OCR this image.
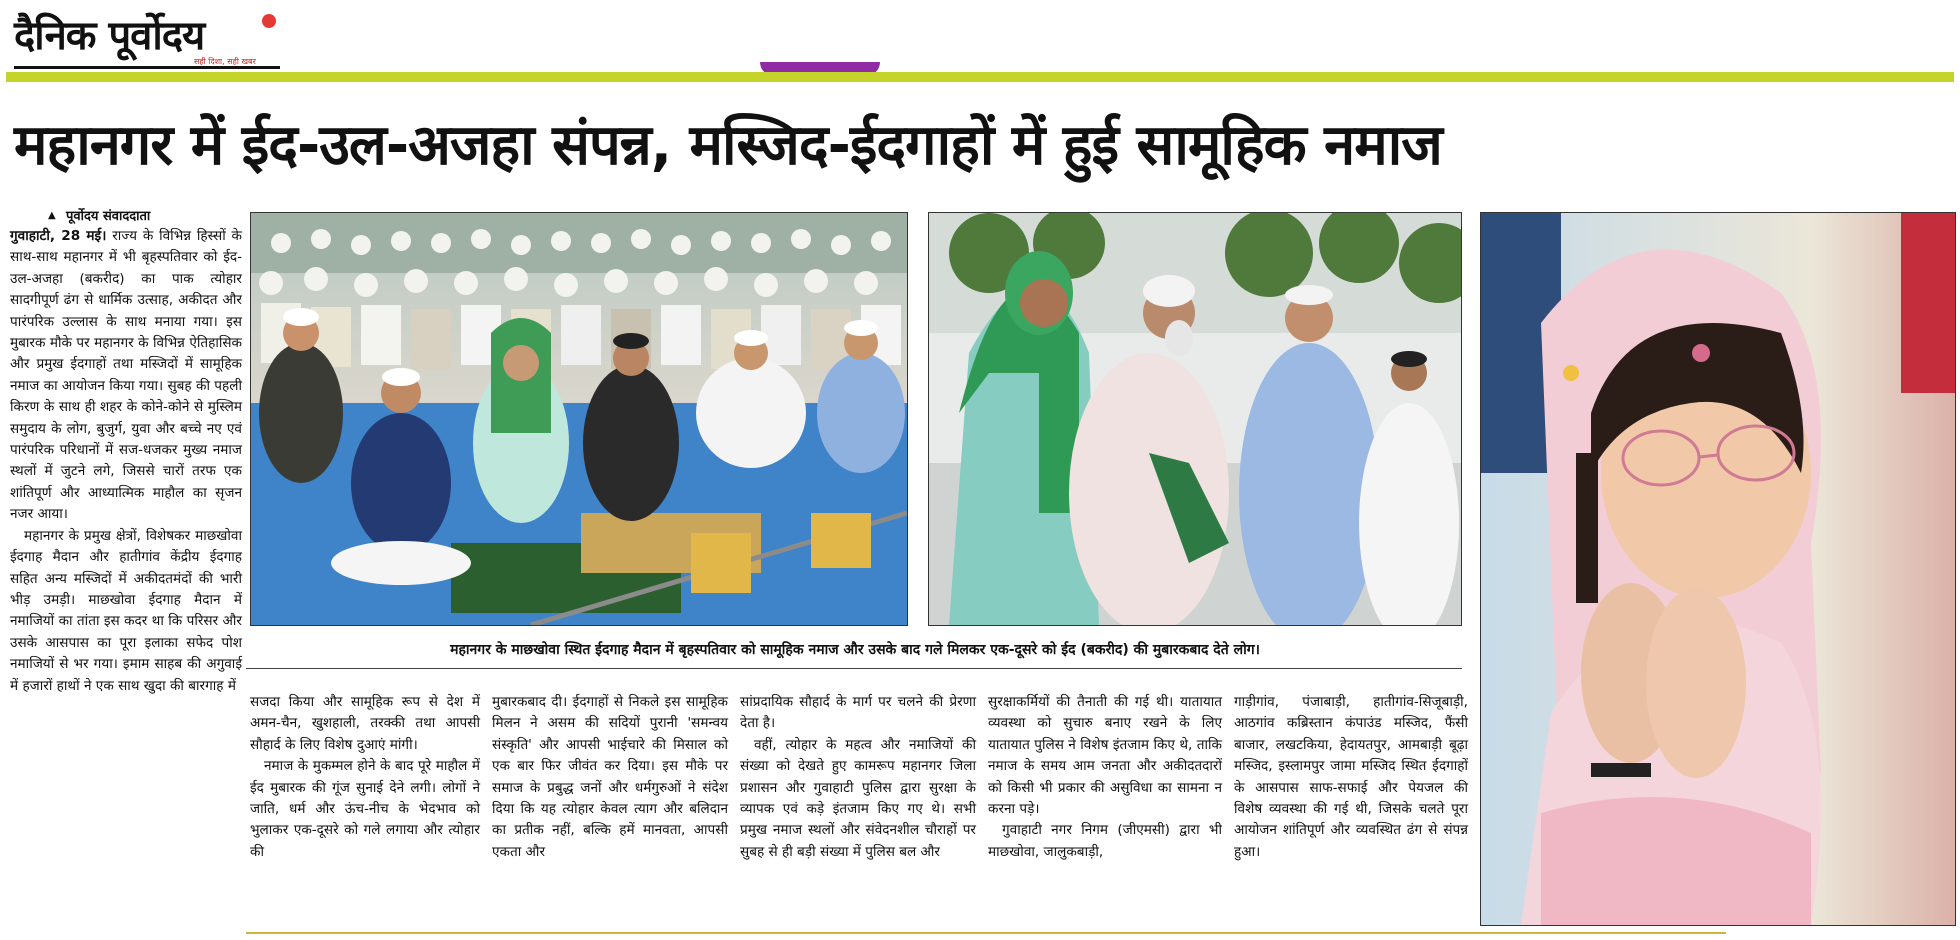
दैनिक पूर्वोदय
सही दिशा, सही खबर
महानगर में ईद-उल-अजहा संपन्न, मस्जिद-ईदगाहों में हुई सामूहिक नमाज
▲ पूर्वोदय संवाददाता

गुवाहाटी, 28 मई। राज्य के विभिन्न हिस्सों के साथ-साथ महानगर में भी बृहस्पतिवार को ईद-उल-अजहा (बकरीद) का पाक त्योहार सादगीपूर्ण ढंग से धार्मिक उत्साह, अकीदत और पारंपरिक उल्लास के साथ मनाया गया। इस मुबारक मौके पर महानगर के विभिन्न ऐतिहासिक और प्रमुख ईदगाहों तथा मस्जिदों में सामूहिक नमाज का आयोजन किया गया। सुबह की पहली किरण के साथ ही शहर के कोने-कोने से मुस्लिम समुदाय के लोग, बुजुर्ग, युवा और बच्चे नए एवं पारंपरिक परिधानों में सज-धजकर मुख्य नमाज स्थलों में जुटने लगे, जिससे चारों तरफ एक शांतिपूर्ण और आध्यात्मिक माहौल का सृजन नजर आया।

महानगर के प्रमुख क्षेत्रों, विशेषकर माछखोवा ईदगाह मैदान और हातीगांव केंद्रीय ईदगाह सहित अन्य मस्जिदों में अकीदतमंदों की भारी भीड़ उमड़ी। माछखोवा ईदगाह मैदान में नमाजियों का तांता इस कदर था कि परिसर और उसके आसपास का पूरा इलाका सफेद पोश नमाजियों से भर गया। इमाम साहब की अगुवाई में हजारों हाथों ने एक साथ खुदा की बारगाह में

महानगर के माछखोवा स्थित ईदगाह मैदान में बृहस्पतिवार को सामूहिक नमाज और उसके बाद गले मिलकर एक-दूसरे को ईद (बकरीद) की मुबारकबाद देते लोग।

सजदा किया और सामूहिक रूप से देश में अमन-चैन, खुशहाली, तरक्की तथा आपसी सौहार्द के लिए विशेष दुआएं मांगी।

नमाज के मुकम्मल होने के बाद पूरे माहौल में ईद मुबारक की गूंज सुनाई देने लगी। लोगों ने जाति, धर्म और ऊंच-नीच के भेदभाव को भुलाकर एक-दूसरे को गले लगाया और त्योहार की

मुबारकबाद दी। ईदगाहों से निकले इस सामूहिक मिलन ने असम की सदियों पुरानी 'समन्वय संस्कृति' और आपसी भाईचारे की मिसाल को एक बार फिर जीवंत कर दिया। इस मौके पर समाज के प्रबुद्ध जनों और धर्मगुरुओं ने संदेश दिया कि यह त्योहार केवल त्याग और बलिदान का प्रतीक नहीं, बल्कि हमें मानवता, आपसी एकता और

सांप्रदायिक सौहार्द के मार्ग पर चलने की प्रेरणा देता है।

वहीं, त्योहार के महत्व और नमाजियों की संख्या को देखते हुए कामरूप महानगर जिला प्रशासन और गुवाहाटी पुलिस द्वारा सुरक्षा के व्यापक एवं कड़े इंतजाम किए गए थे। सभी प्रमुख नमाज स्थलों और संवेदनशील चौराहों पर सुबह से ही बड़ी संख्या में पुलिस बल और

सुरक्षाकर्मियों की तैनाती की गई थी। यातायात व्यवस्था को सुचारु बनाए रखने के लिए यातायात पुलिस ने विशेष इंतजाम किए थे, ताकि नमाज के समय आम जनता और अकीदतदारों को किसी भी प्रकार की असुविधा का सामना न करना पड़े।

गुवाहाटी नगर निगम (जीएमसी) द्वारा भी माछखोवा, जालुकबाड़ी,

गाड़ीगांव, पंजाबाड़ी, हातीगांव-सिजूबाड़ी, आठगांव कब्रिस्तान कंपाउंड मस्जिद, फैंसी बाजार, लखटकिया, हेदायतपुर, आमबाड़ी बूढ़ा मस्जिद, इस्लामपुर जामा मस्जिद स्थित ईदगाहों के आसपास साफ-सफाई और पेयजल की विशेष व्यवस्था की गई थी, जिसके चलते पूरा आयोजन शांतिपूर्ण और व्यवस्थित ढंग से संपन्न हुआ।
